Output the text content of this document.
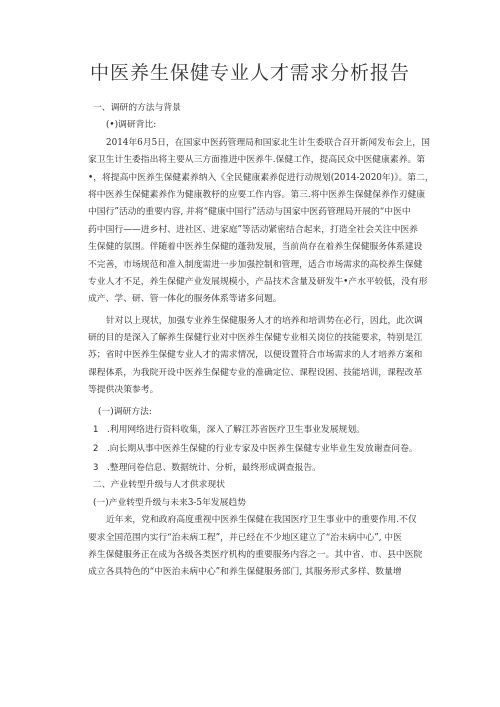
中医养生保健专业人才需求分析报告
一、调研的方法与背景
(•)调研背比:
2014年6月5日，在国家中医药管理局和国家北生计生委联合召开新闻发布会上，国
家卫生计生委指出将主要从三方面推进中医养牛.保健工作，提高民众中医健康素养。第
•，将提高中医养生保健素养纳入《全民健康素养促进行动规划(2014-2020年)》。第二，
将中医养生保健素养作为健康教杼的应要工作内容。第三.将中医养生保健保养作刃健康
中国行”活动的重要内容, 并将“健康中国行”活动与国家中医药管理局开展的“中医中
药中国行——进乡村、进社区、进家庭”等活动紧密结合起来，打造全社会关注中医养
生保健的氛围。伴随着中医养生保健的蓬勃发展，当前尚存在着养生保健服务体系建设
不完善，市场规范和准入制度需进一步加强控制和管理，适合市场需求的高校养生保健
专业人才不足，养生保健产业发展规模小，产品技术含量及研发牛•产水平较低，没有形
成产、学、研、管一体化的服务体系等诸多问题。
针对以上现状，加强专业养生保健服务人才的培养和培训势在必行，因此，此次调
研的目的是深入了解养生保健行业对中医养生保健专业相关岗位的技能要求，特别是江
苏；省时中医养生保健专业人才的需求情况，以便设置符合市场需求的人才培养方案和
课程体系，为我院开设中医养生保健专业的准确定位、课程设困、技能培训，课程改革
等提供决策参考。
(一)调研方法:
1 .利用网络进行资料收集，深入了解江苏省医疗卫生事业发展规划。
2 .向长期从事中医养生保健的行业专家及中医养生保健专业毕业生发放谢查问卷。
3 .整理问卷信息、数据统计、分析，最终形成调查报告。
二、产业转型升级与人才供求现状
(一)产业转型升级与未来3-5年发展趋势
近年来，党和政府高度重视中医养生保健在我国医疗卫生事业中的重要作用.不仅
要求全国范围内实行“治未病工程”，并已经在不少地区建立了“治未病中心”, 中医
养生保健服务正在成为各级各类医疗机构的重要服务内容之一。其中省、市、县中医院
成立各具特色的“中医治未病中心”和养生保健服务部门, 其服务形式多样、数量增
